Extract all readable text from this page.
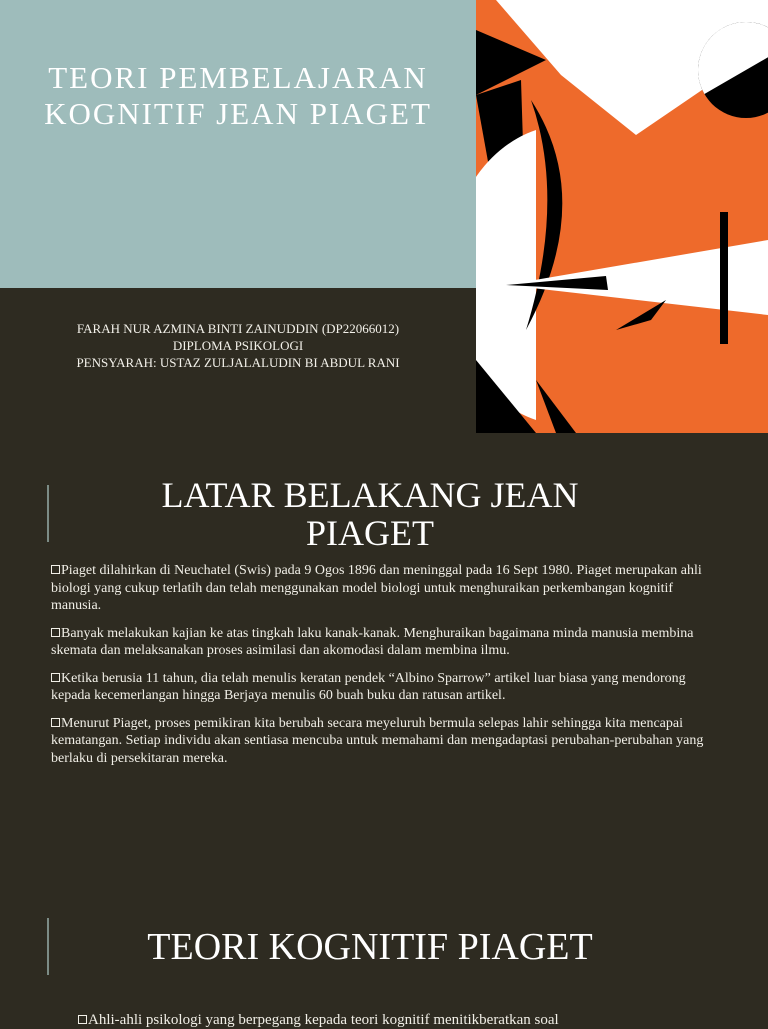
TEORI PEMBELAJARAN KOGNITIF JEAN PIAGET
FARAH NUR AZMINA BINTI ZAINUDDIN (DP22066012)
DIPLOMA PSIKOLOGI
PENSYARAH: USTAZ ZULJALALUDIN BI ABDUL RANI
LATAR BELAKANG JEAN PIAGET
Piaget dilahirkan di Neuchatel (Swis) pada 9 Ogos 1896 dan meninggal pada 16 Sept 1980. Piaget merupakan ahli biologi yang cukup terlatih dan telah menggunakan model biologi untuk menghuraikan perkembangan kognitif manusia.
Banyak melakukan kajian ke atas tingkah laku kanak-kanak. Menghuraikan bagaimana minda manusia membina skemata dan melaksanakan proses asimilasi dan akomodasi dalam membina ilmu.
Ketika berusia 11 tahun, dia telah menulis keratan pendek “Albino Sparrow” artikel luar biasa yang mendorong kepada kecemerlangan hingga Berjaya menulis 60 buah buku dan ratusan artikel.
Menurut Piaget, proses pemikiran kita berubah secara meyeluruh bermula selepas lahir sehingga kita mencapai kematangan. Setiap individu akan sentiasa mencuba untuk memahami dan mengadaptasi perubahan-perubahan yang berlaku di persekitaran mereka.
TEORI KOGNITIF PIAGET
Ahli-ahli psikologi yang berpegang kepada teori kognitif menitikberatkan soal
